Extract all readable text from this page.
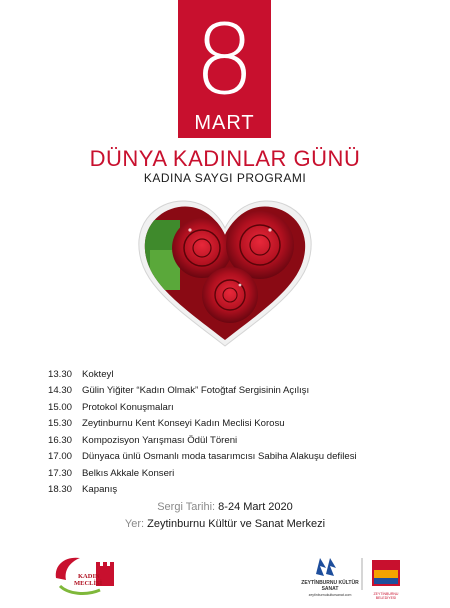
8
MART
DÜNYA KADINLAR GÜNÜ
KADINA SAYGI PROGRAMI
13.30	Kokteyl
14.30	Gülin Yiğiter “Kadın Olmak” Fotoğtaf Sergisinin Açılışı
15.00	Protokol Konuşmaları
15.30	Zeytinburnu Kent Konseyi Kadın Meclisi Korosu
16.30	Kompozisyon Yarışması Ödül Töreni
17.00	Dünyaca ünlü Osmanlı moda tasarımcısı Sabiha Alakuşu defilesi
17.30	Belkıs Akkale Konseri
18.30	Kapanış
Sergi Tarihi: 8-24 Mart 2020
Yer: Zeytinburnu Kültür ve Sanat Merkezi
KADIN
MECLİSİ	ZEYTİNBURNU KÜLTÜR SANAT
zeytinburnukultursanat.com	ZEYTİNBURNU BELEDİYESİ
